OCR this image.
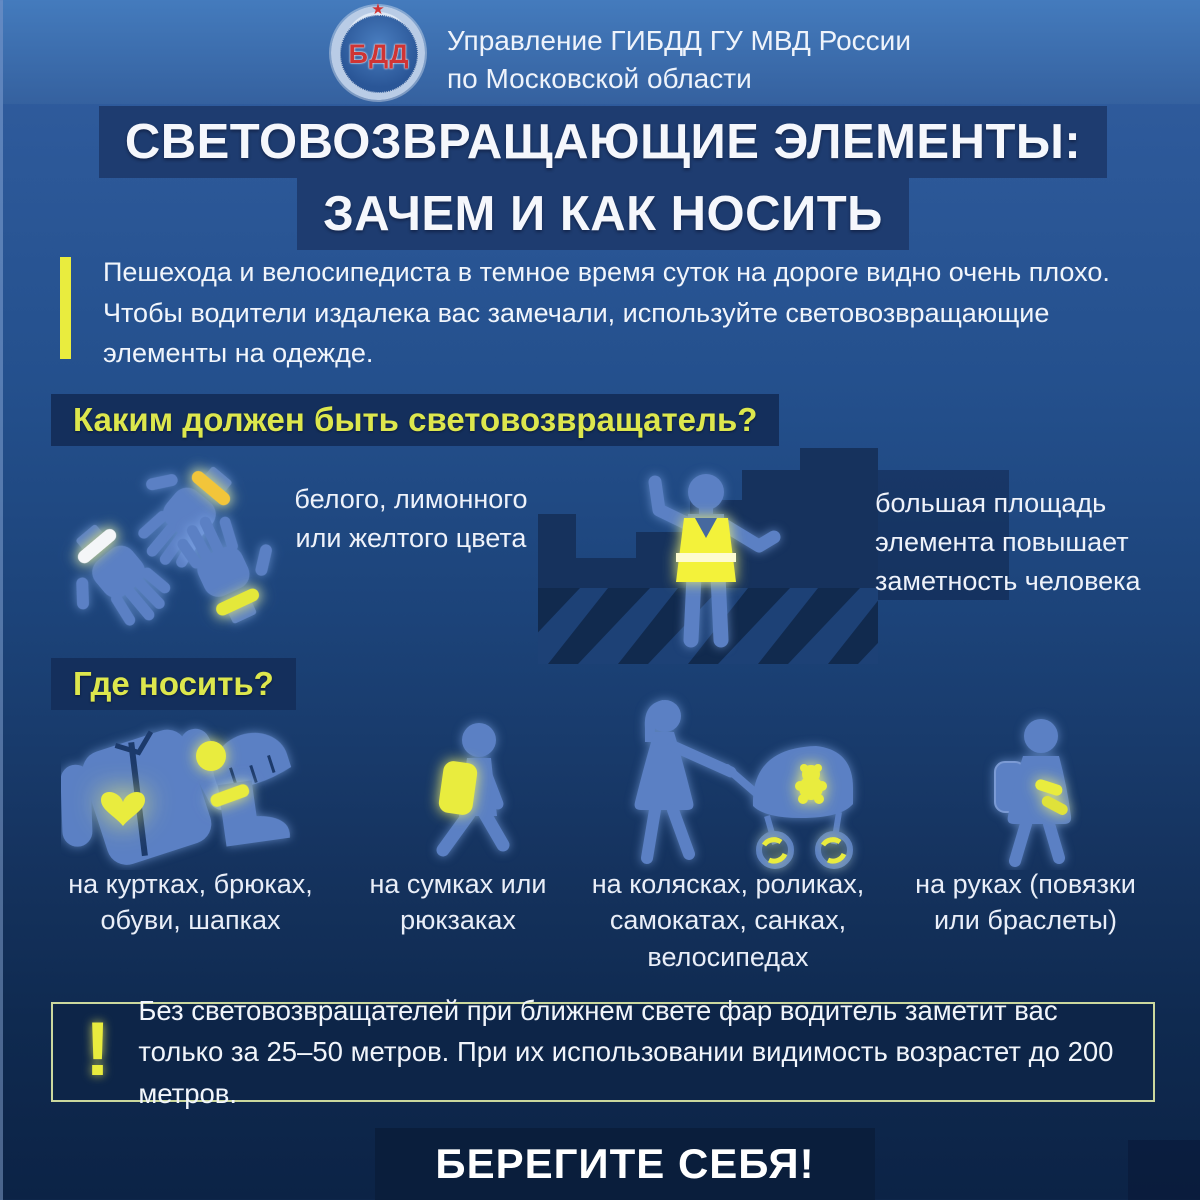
БДД
★
Управление ГИБДД ГУ МВД России
по Московской области
СВЕТОВОЗВРАЩАЮЩИЕ ЭЛЕМЕНТЫ:
ЗАЧЕМ И КАК НОСИТЬ
Пешехода и велосипедиста в темное время суток на дороге видно очень плохо. Чтобы водители издалека вас замечали, используйте световозвращающие элементы на одежде.
Каким должен быть световозвращатель?
белого, лимонного или желтого цвета
большая площадь элемента повышает заметность человека
Где носить?
на куртках, брюках, обуви, шапках
на сумках или рюкзаках
на колясках, роликах, самокатах, санках, велосипедах
на руках (повязки или браслеты)
! Без световозвращателей при ближнем свете фар водитель заметит вас только за 25–50 метров. При их использовании видимость возрастет до 200 метров.
БЕРЕГИТЕ СЕБЯ!
